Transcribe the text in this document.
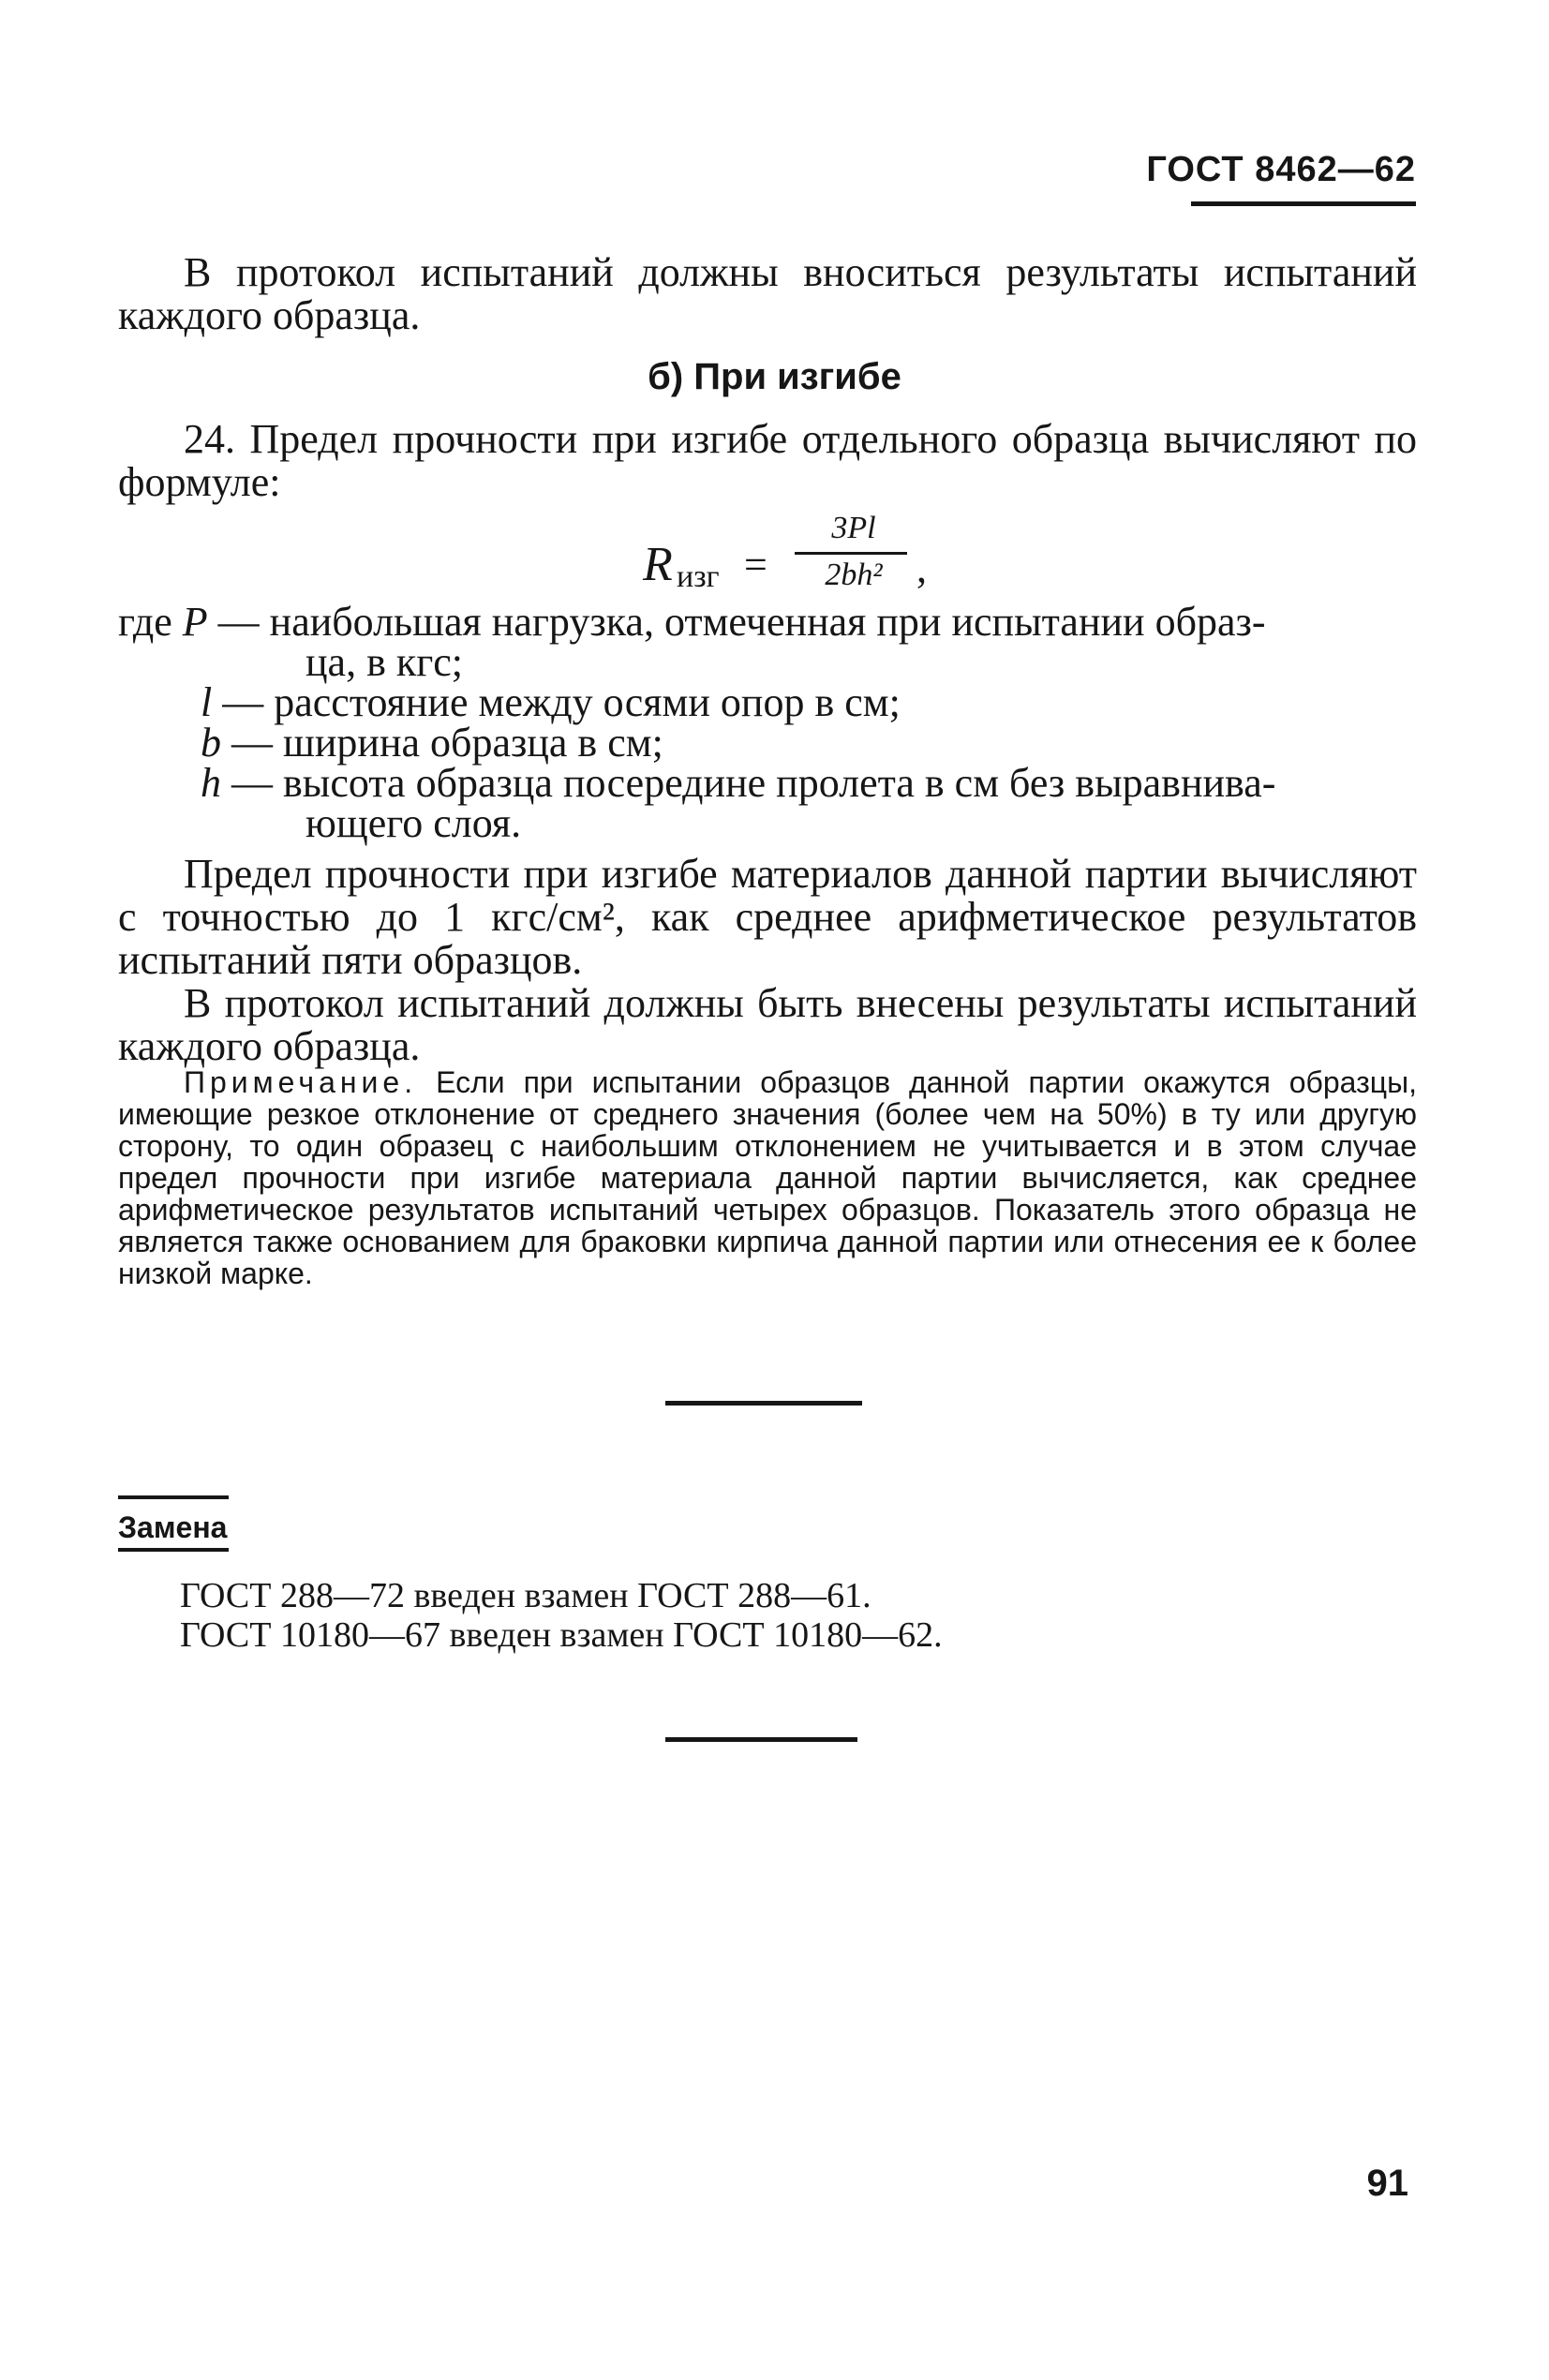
ГОСТ 8462—62

В протокол испытаний должны вноситься результаты испытаний каждого образца.

б) При изгибе

24. Предел прочности при изгибе отдельного образца вычисляют по формуле:

R изг =
3Pl
2bh² ,
где P — наибольшая нагрузка, отмеченная при испытании образ-
ца, в кгс;
l — расстояние между осями опор в см;
b — ширина образца в см;
h — высота образца посередине пролета в см без выравнива-
ющего слоя.

Предел прочности при изгибе материалов данной партии вычисляют с точностью до 1 кгс/см², как среднее арифметическое результатов испытаний пяти образцов.

В протокол испытаний должны быть внесены результаты испытаний каждого образца.

Примечание. Если при испытании образцов данной партии окажутся образцы, имеющие резкое отклонение от среднего значения (более чем на 50%) в ту или другую сторону, то один образец с наибольшим отклонением не учитывается и в этом случае предел прочности при изгибе материала данной партии вычисляется, как среднее арифметическое результатов испытаний четырех образцов. Показатель этого образца не является также основанием для браковки кирпича данной партии или отнесения ее к более низкой марке.
Замена
ГОСТ 288—72 введен взамен ГОСТ 288—61.
ГОСТ 10180—67 введен взамен ГОСТ 10180—62.
91
